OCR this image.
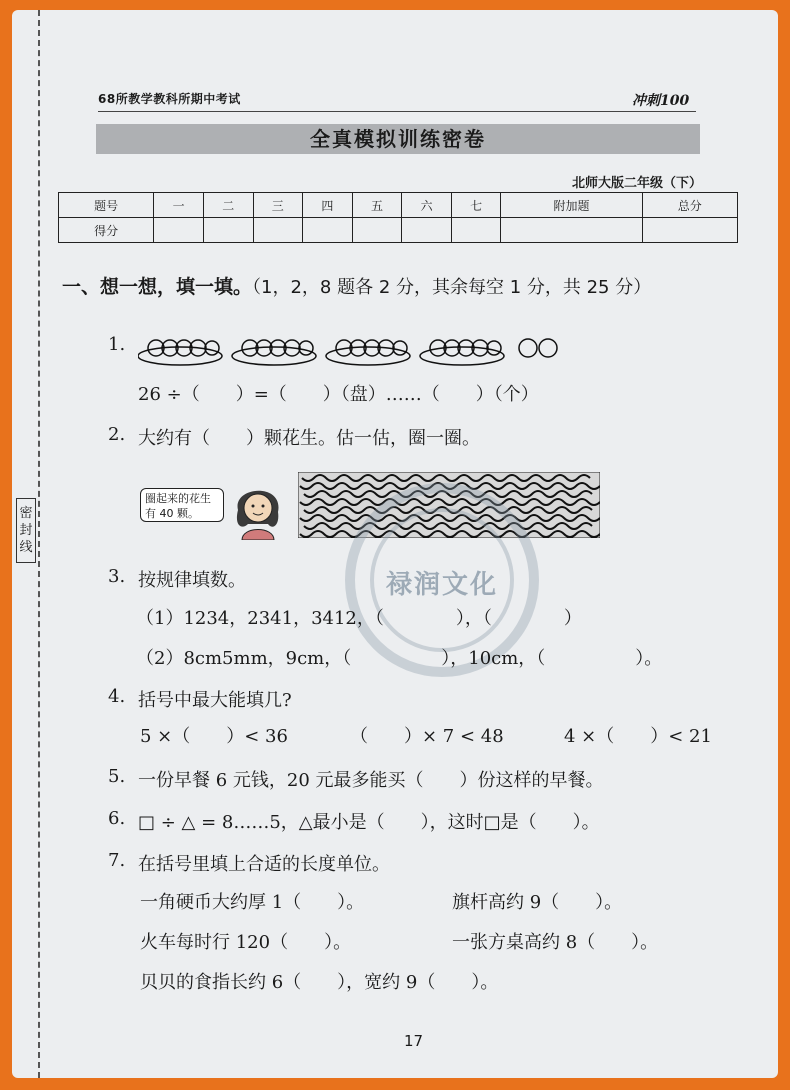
密封线
68所教学教科所期中考试	冲刺100
全真模拟训练密卷
北师大版二年级（下）
题号	一	二	三	四	五	六	七	附加题	总分
得分									
一、想一想，填一填。（1，2，8 题各 2 分，其余每空 1 分，共 25 分）
1.
26 ÷（　　）=（　　）（盘）……（　　）（个）
2. 大约有（　　）颗花生。估一估，圈一圈。
圈起来的花生有 40 颗。
禄润文化
3. 按规律填数。
（1）1234，2341，3412，（　　　　），（　　　　）
（2）8cm5mm，9cm，（　　　　　），10cm，（　　　　　）。
4. 括号中最大能填几?
5 ×（　　）< 36	（　　）× 7 < 48	4 ×（　　）< 21
5. 一份早餐 6 元钱，20 元最多能买（　　）份这样的早餐。
6. □ ÷ △ = 8……5，△最小是（　　），这时□是（　　）。
7. 在括号里填上合适的长度单位。
一角硬币大约厚 1（　　）。	旗杆高约 9（　　）。
火车每时行 120（　　）。	一张方桌高约 8（　　）。
贝贝的食指长约 6（　　），宽约 9（　　）。
17
